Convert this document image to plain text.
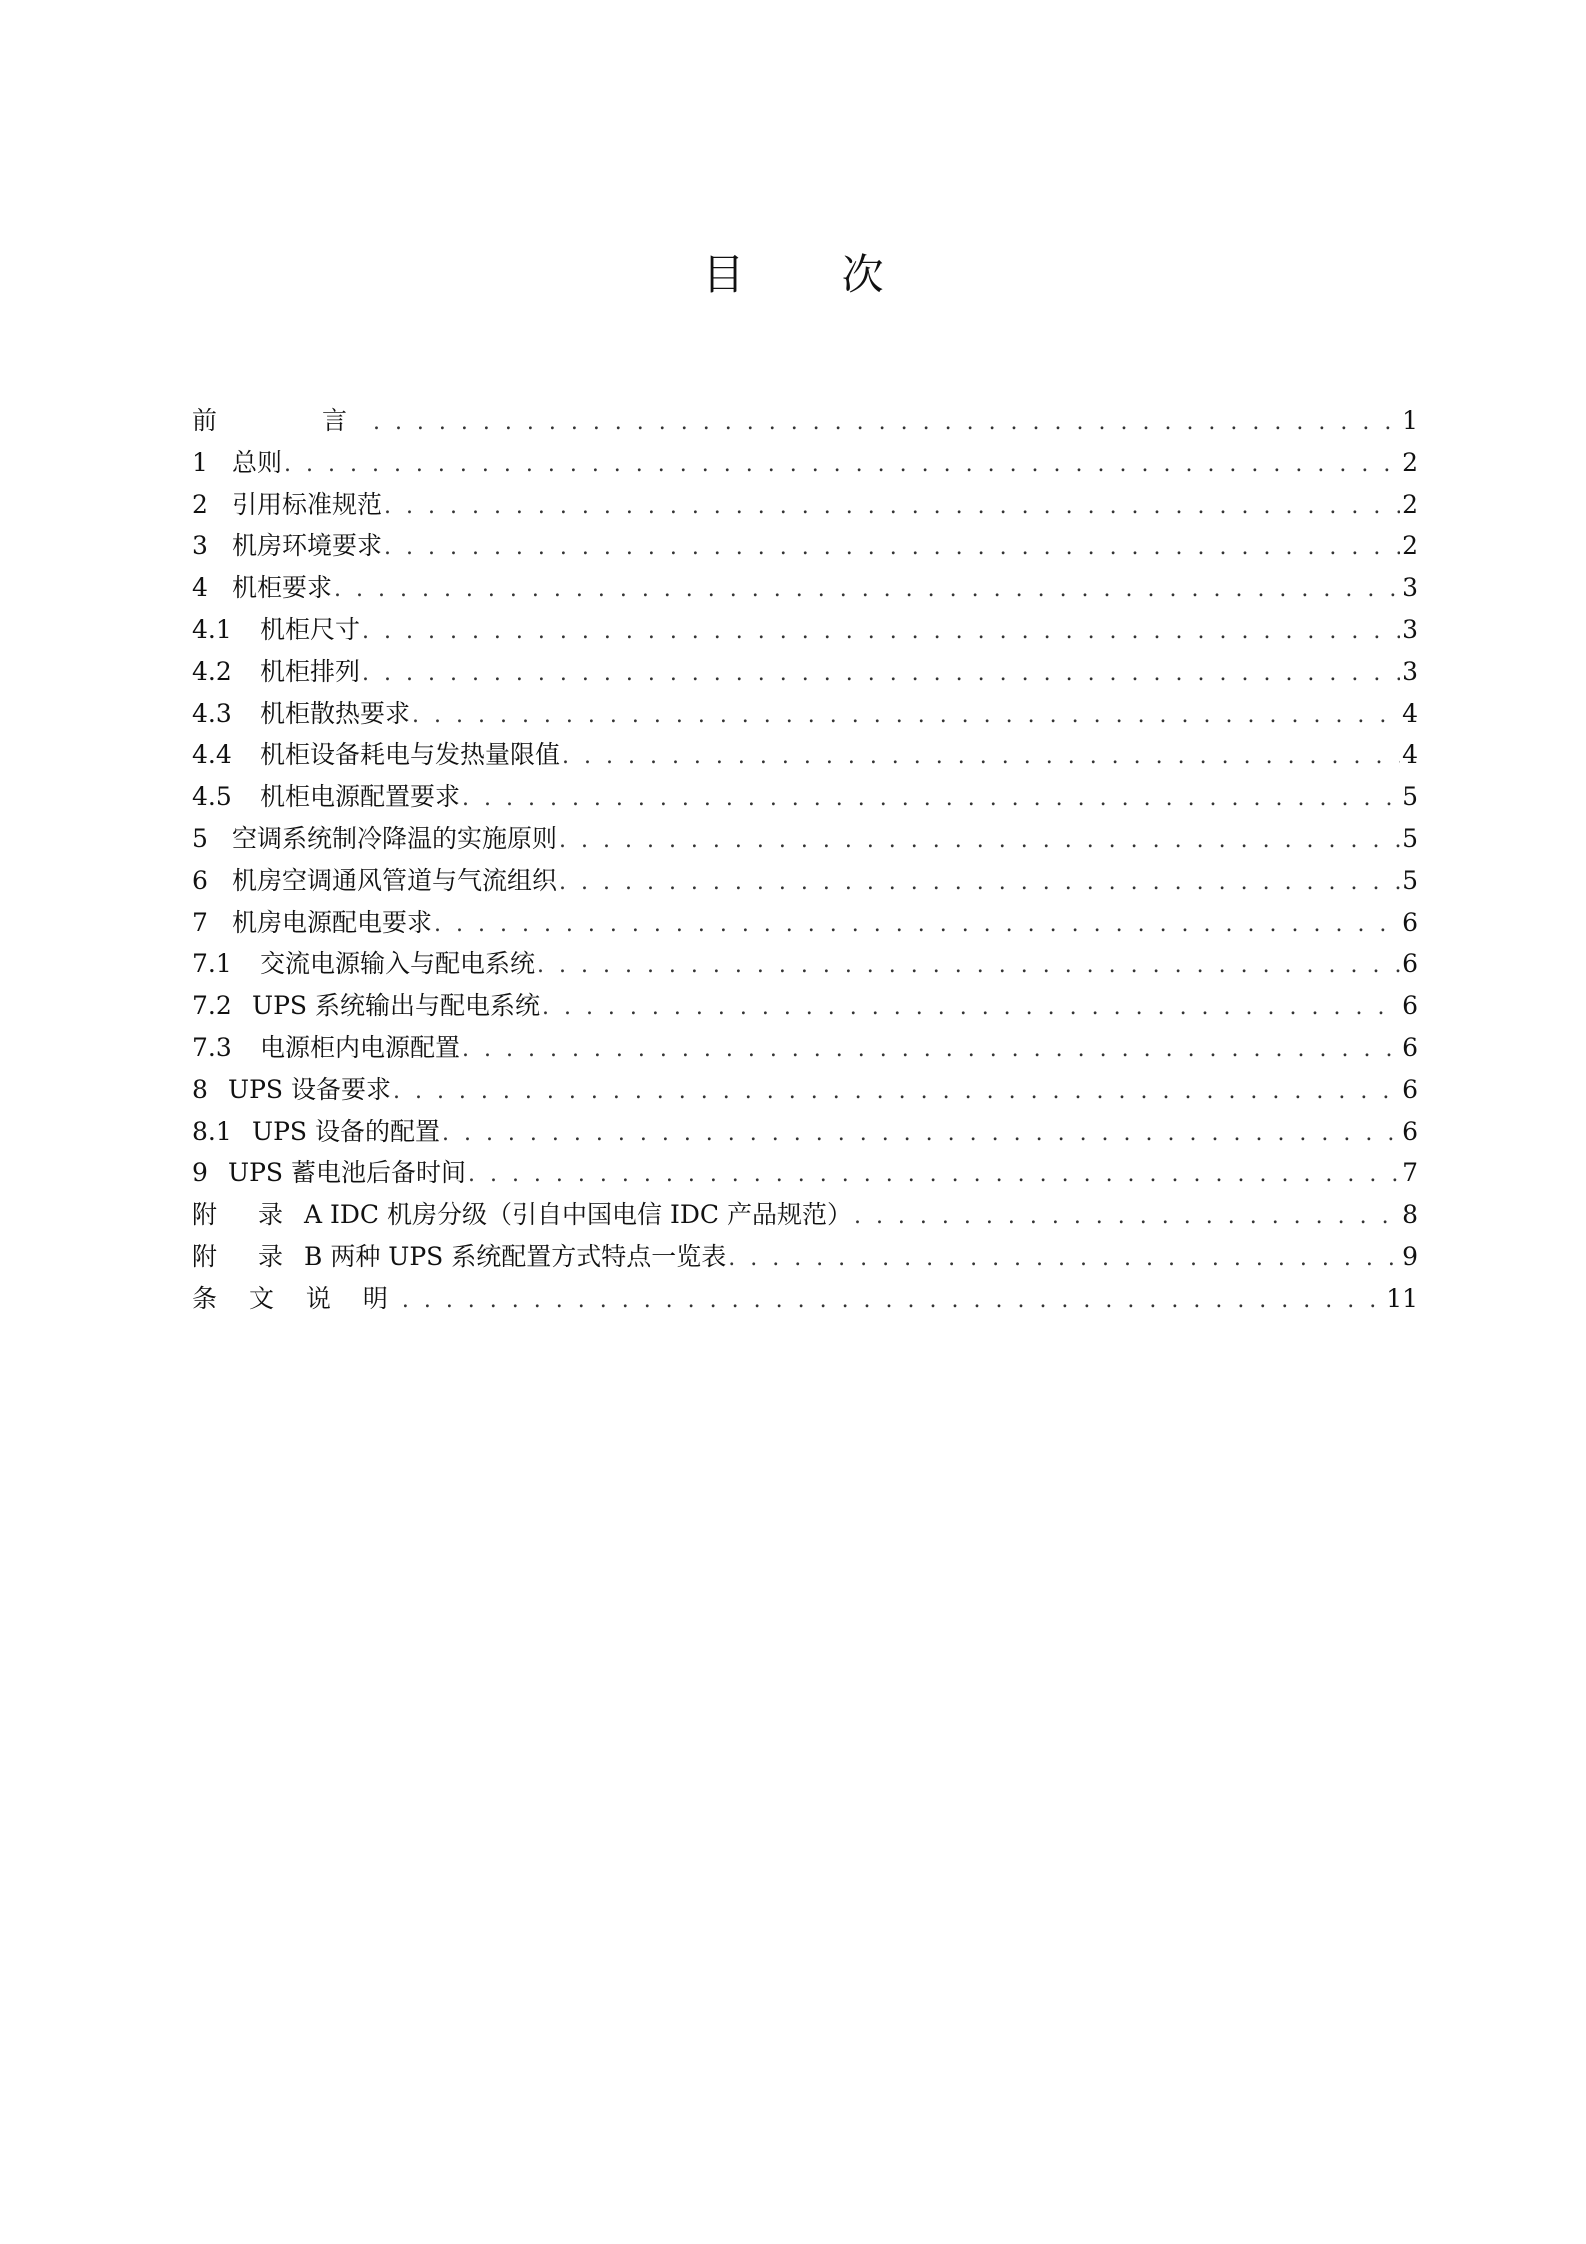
目 次
前　 言 . . .	1
1 总则 . . .	2
2 引用标准规范 . . .	2
3 机房环境要求 . . .	2
4 机柜要求 . . .	3
4.1	机柜尺寸 . . .	3
4.2	机柜排列 . . .	3
4.3	机柜散热要求 . . .	4
4.4	机柜设备耗电与发热量限值 . . .	4
4.5	机柜电源配置要求 . . .	5
5 空调系统制冷降温的实施原则 . . .	5
6 机房空调通风管道与气流组织 . . .	5
7 机房电源配电要求 . . .	6
7.1	交流电源输入与配电系统 . . .	6
7.2 UPS 系统输出与配电系统 . . .	6
7.3	电源柜内电源配置 . . .	6
8 UPS 设备要求 . . .	6
8.1 UPS 设备的配置 . . .	6
9 UPS 蓄电池后备时间 . . .	7
附　录 A IDC 机房分级（引自中国电信 IDC 产品规范） . . .	8
附　录 B 两种 UPS 系统配置方式特点一览表 . . .	9
条 文 说 明 . . .	11
